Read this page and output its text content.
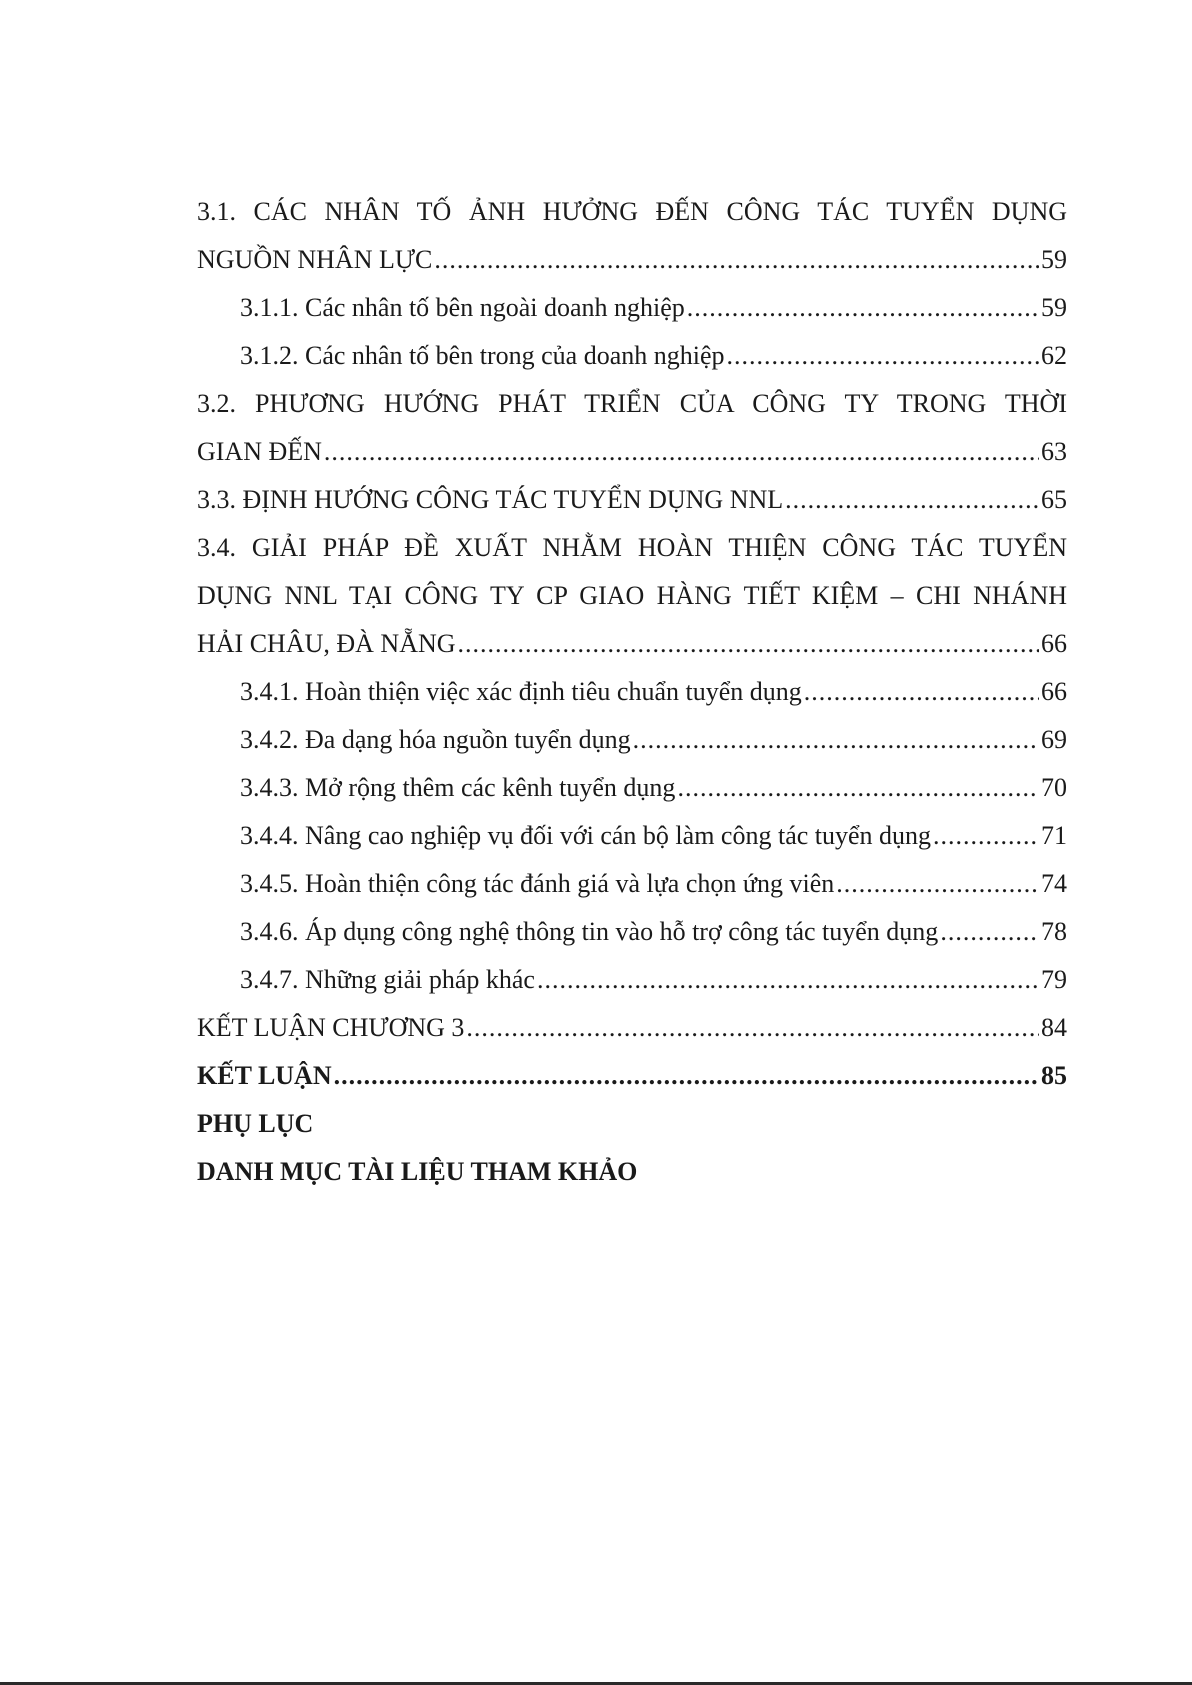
3.1. CÁC NHÂN TỐ ẢNH HƯỞNG ĐẾN CÔNG TÁC TUYỂN DỤNG
NGUỒN NHÂN LỰC .....	59
3.1.1. Các nhân tố bên ngoài doanh nghiệp .....	59
3.1.2. Các nhân tố bên trong của doanh nghiệp .....	62
3.2. PHƯƠNG HƯỚNG PHÁT TRIỂN CỦA CÔNG TY TRONG THỜI
GIAN ĐẾN .....	63
3.3. ĐỊNH HƯỚNG CÔNG TÁC TUYỂN DỤNG NNL .....	65
3.4. GIẢI PHÁP ĐỀ XUẤT NHẰM HOÀN THIỆN CÔNG TÁC TUYỂN
DỤNG NNL TẠI CÔNG TY CP GIAO HÀNG TIẾT KIỆM – CHI NHÁNH
HẢI CHÂU, ĐÀ NẴNG .....	66
3.4.1. Hoàn thiện việc xác định tiêu chuẩn tuyển dụng .....	66
3.4.2. Đa dạng hóa nguồn tuyển dụng .....	69
3.4.3. Mở rộng thêm các kênh tuyển dụng .....	70
3.4.4. Nâng cao nghiệp vụ đối với cán bộ làm công tác tuyển dụng .....	71
3.4.5. Hoàn thiện công tác đánh giá và lựa chọn ứng viên .....	74
3.4.6. Áp dụng công nghệ thông tin vào hỗ trợ công tác tuyển dụng .....	78
3.4.7. Những giải pháp khác .....	79
KẾT LUẬN CHƯƠNG 3 .....	84
KẾT LUẬN .....	85
PHỤ LỤC
DANH MỤC TÀI LIỆU THAM KHẢO
